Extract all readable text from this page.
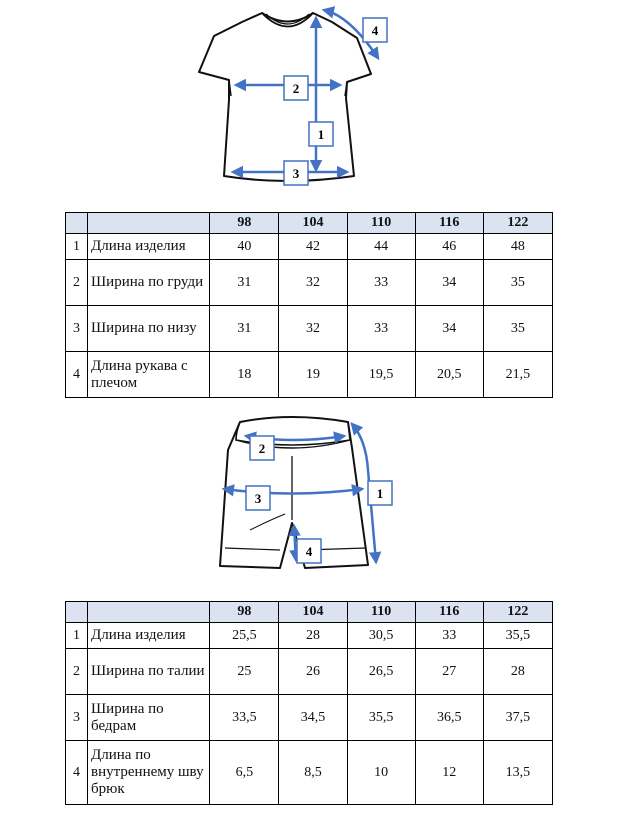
1
2
3
4
		98	104	110	116	122
1	Длина изделия	40	42	44	46	48
2	Ширина по груди	31	32	33	34	35
3	Ширина по низу	31	32	33	34	35
4	Длина рукава с плечом	18	19	19,5	20,5	21,5
1
2
3
4
		98	104	110	116	122
1	Длина изделия	25,5	28	30,5	33	35,5
2	Ширина по талии	25	26	26,5	27	28
3	Ширина по бедрам	33,5	34,5	35,5	36,5	37,5
4	Длина по внутреннему шву брюк	6,5	8,5	10	12	13,5
